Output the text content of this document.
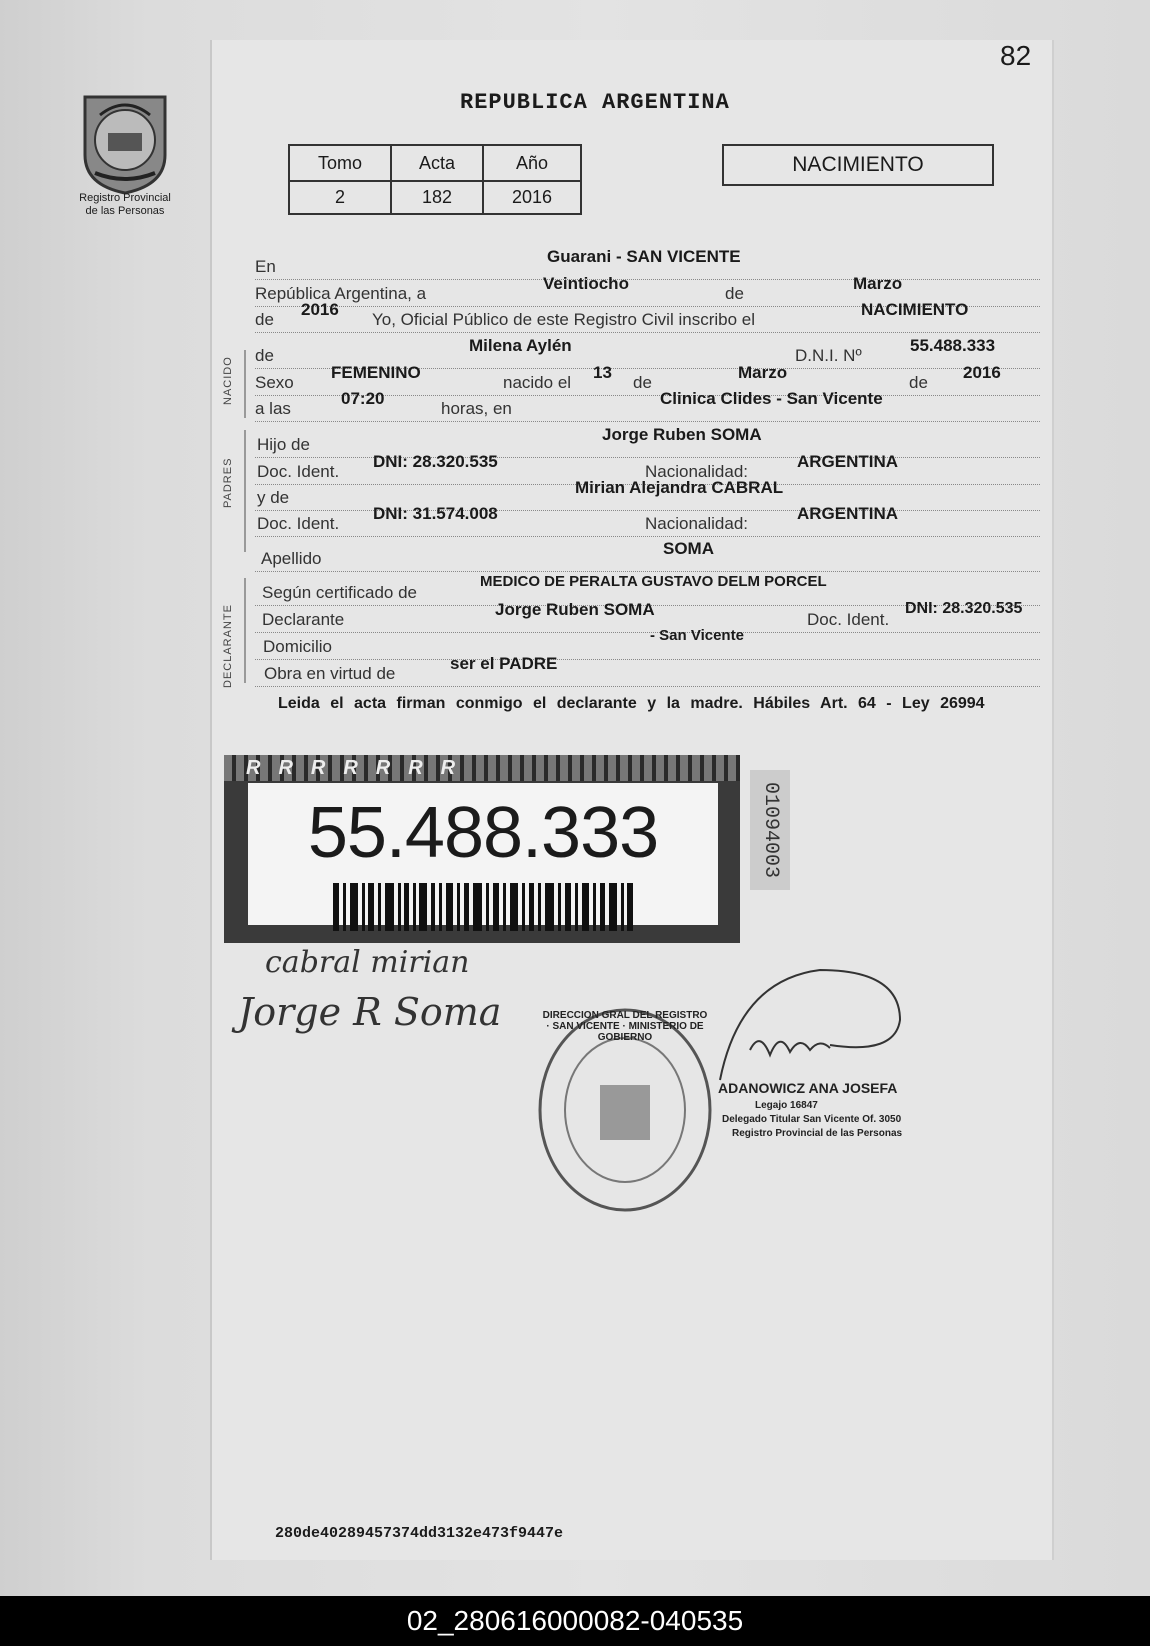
82
Registro Provincial
de las Personas
REPUBLICA ARGENTINA
Tomo	Acta	Año
2	182	2016
NACIMIENTO
NACIDO
PADRES
DECLARANTE
En
Guarani - SAN VICENTE
República Argentina, a
Veintiocho
de
Marzo
de
2016
Yo, Oficial Público de este Registro Civil inscribo el
NACIMIENTO
de
Milena Aylén
D.N.I. Nº
55.488.333
Sexo
FEMENINO
nacido el
13
de
Marzo
de
2016
a las
07:20
horas, en
Clinica Clides - San Vicente
Hijo de
Jorge Ruben SOMA
Doc. Ident.
DNI: 28.320.535
Nacionalidad:
ARGENTINA
y de
Mirian Alejandra CABRAL
Doc. Ident.
DNI: 31.574.008
Nacionalidad:
ARGENTINA
Apellido
SOMA
Según certificado de
MEDICO DE PERALTA GUSTAVO DELM PORCEL
Declarante
Jorge Ruben SOMA
Doc. Ident.
DNI: 28.320.535
Domicilio
- San Vicente
Obra en virtud de
ser el PADRE
Leida el acta firman conmigo el declarante y la madre. Hábiles Art. 64 - Ley 26994
RRRRRRR
55.488.333	01094003
cabral mirian
Jorge R Soma	DIRECCION GRAL DEL REGISTRO · SAN VICENTE · MINISTERIO DE GOBIERNO
ADANOWICZ ANA JOSEFA
Legajo 16847
Delegado Titular San Vicente Of. 3050
Registro Provincial de las Personas
280de40289457374dd3132e473f9447e
02_280616000082-040535
